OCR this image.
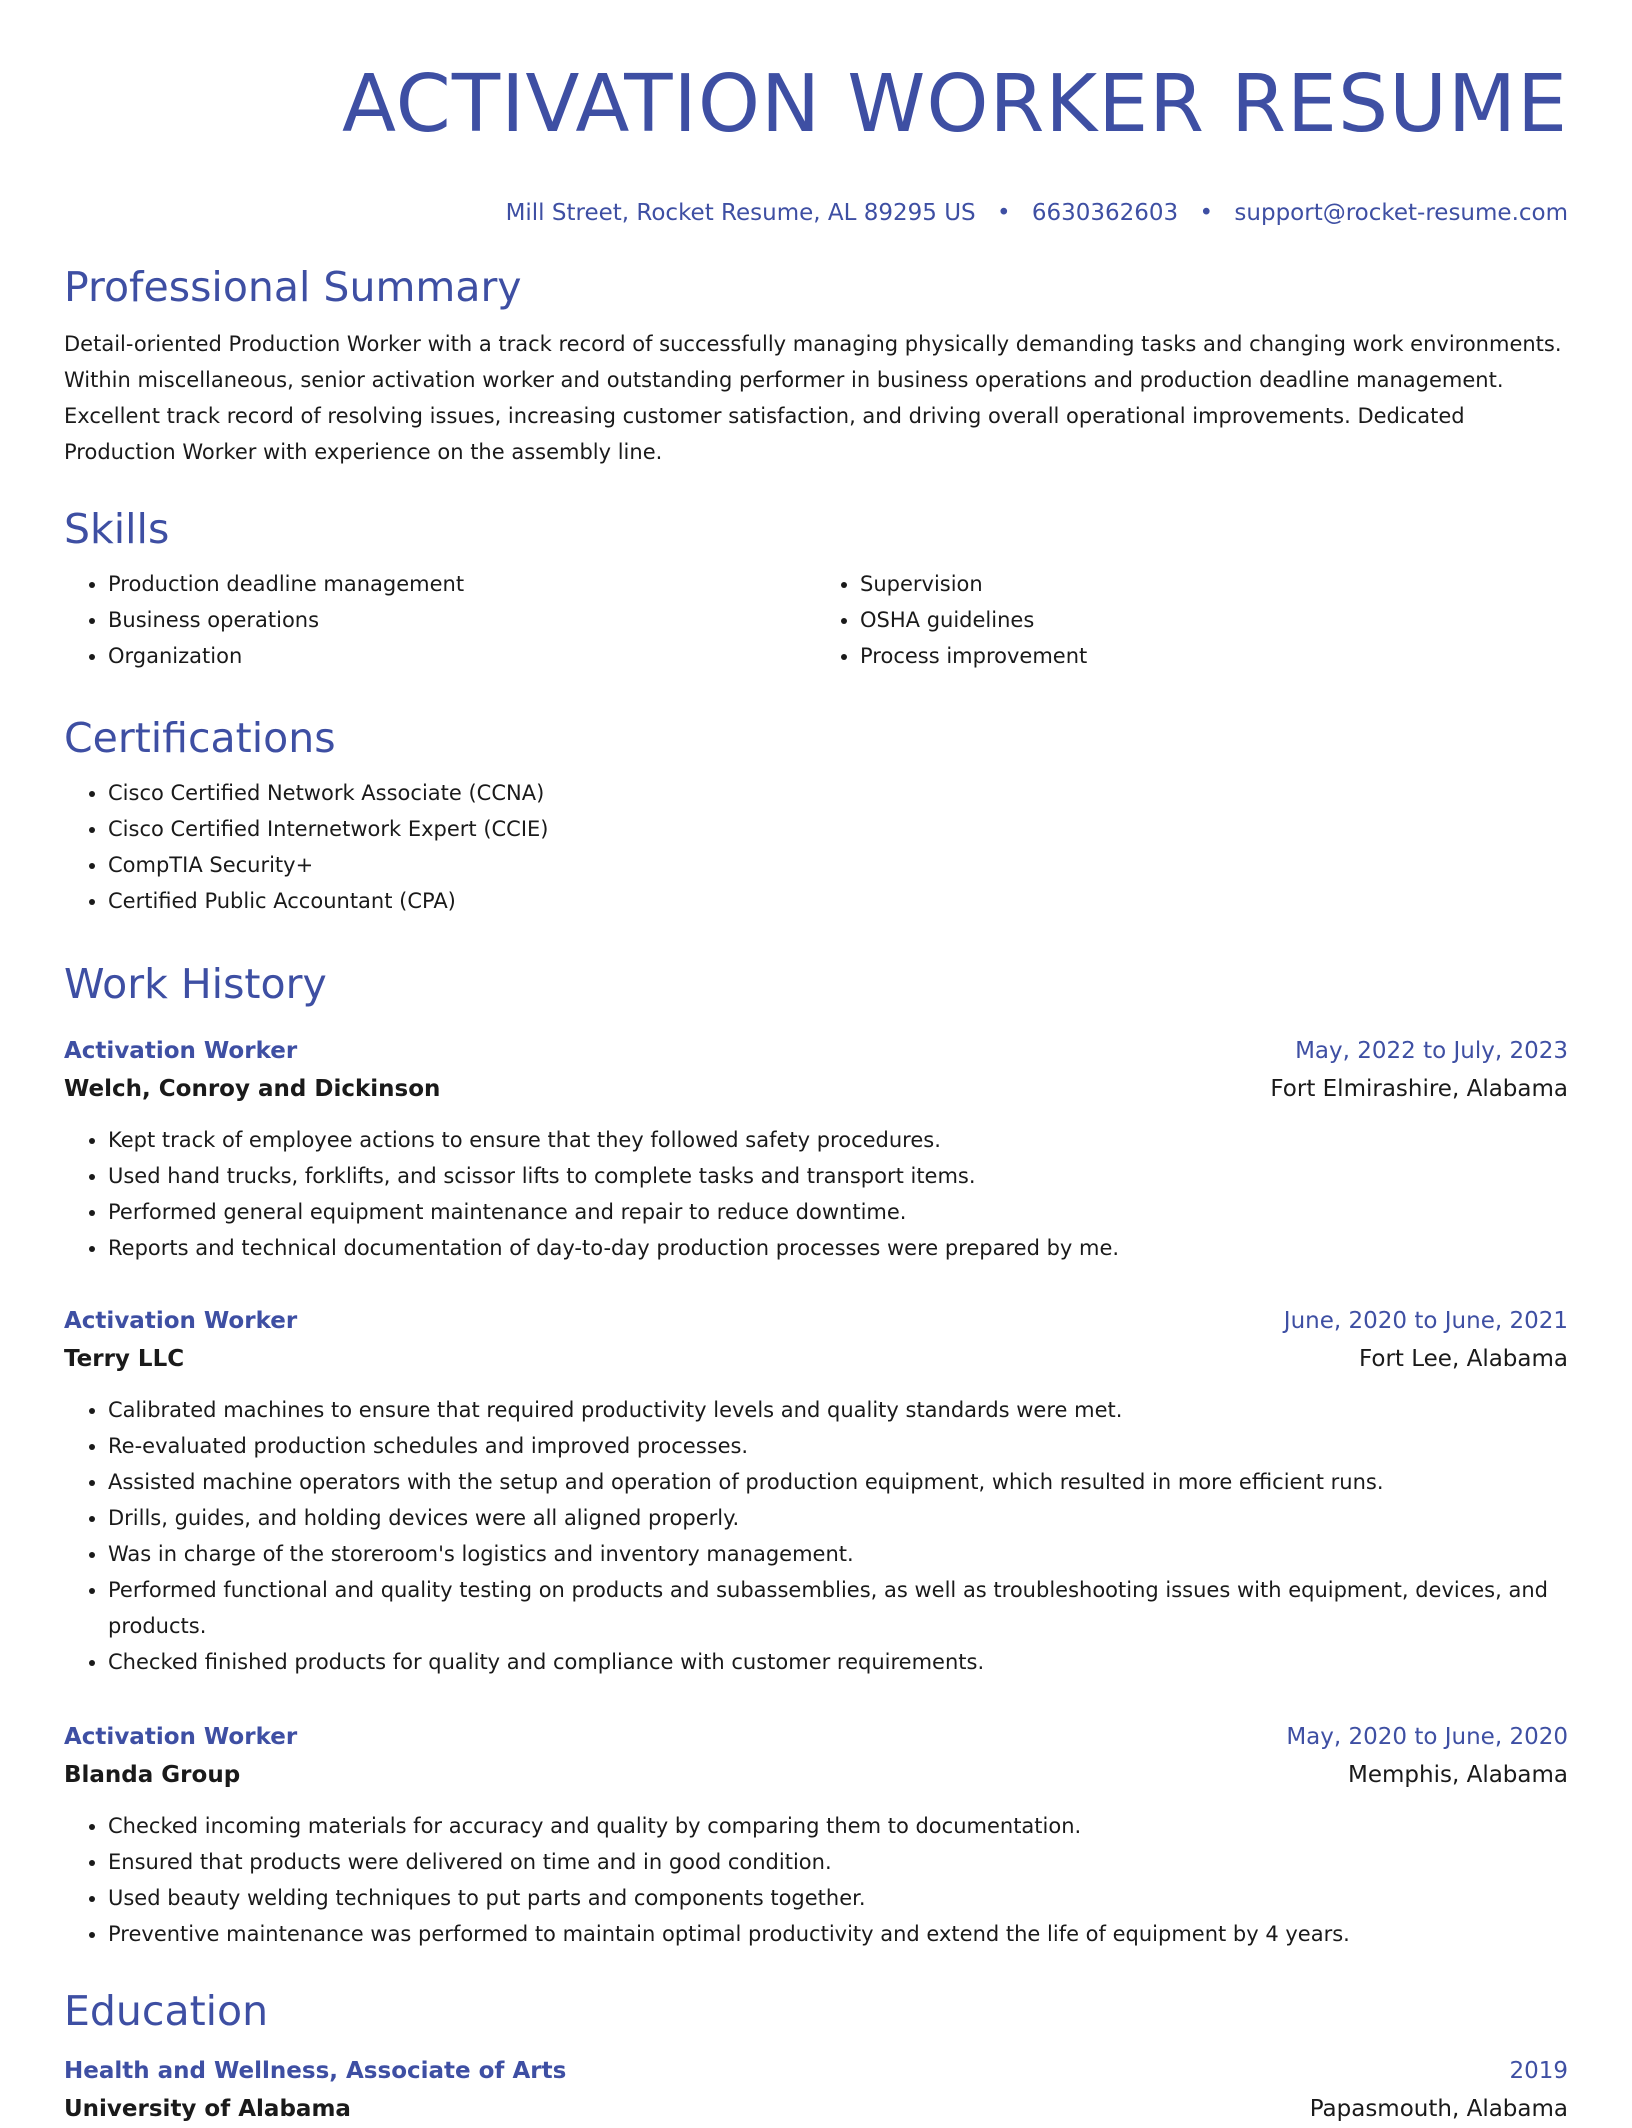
ACTIVATION WORKER RESUME
Mill Street, Rocket Resume, AL 89295 US • 6630362603 • support@rocket-resume.com
Professional Summary

Detail-oriented Production Worker with a track record of successfully managing physically demanding tasks and changing work environments. Within miscellaneous, senior activation worker and outstanding performer in business operations and production deadline management. Excellent track record of resolving issues, increasing customer satisfaction, and driving overall operational improvements. Dedicated Production Worker with experience on the assembly line.

Skills
• Production deadline management
• Business operations
• Organization
• Supervision
• OSHA guidelines
• Process improvement
Certifications
• Cisco Certified Network Associate (CCNA)
• Cisco Certified Internetwork Expert (CCIE)
• CompTIA Security+
• Certified Public Accountant (CPA)
Work History
Activation Worker	May, 2022 to July, 2023
Welch, Conroy and Dickinson	Fort Elmirashire, Alabama
• Kept track of employee actions to ensure that they followed safety procedures.
• Used hand trucks, forklifts, and scissor lifts to complete tasks and transport items.
• Performed general equipment maintenance and repair to reduce downtime.
• Reports and technical documentation of day-to-day production processes were prepared by me.
Activation Worker	June, 2020 to June, 2021
Terry LLC	Fort Lee, Alabama
• Calibrated machines to ensure that required productivity levels and quality standards were met.
• Re-evaluated production schedules and improved processes.
• Assisted machine operators with the setup and operation of production equipment, which resulted in more efficient runs.
• Drills, guides, and holding devices were all aligned properly.
• Was in charge of the storeroom's logistics and inventory management.
• Performed functional and quality testing on products and subassemblies, as well as troubleshooting issues with equipment, devices, and products.
• Checked finished products for quality and compliance with customer requirements.
Activation Worker	May, 2020 to June, 2020
Blanda Group	Memphis, Alabama
• Checked incoming materials for accuracy and quality by comparing them to documentation.
• Ensured that products were delivered on time and in good condition.
• Used beauty welding techniques to put parts and components together.
• Preventive maintenance was performed to maintain optimal productivity and extend the life of equipment by 4 years.
Education
Health and Wellness, Associate of Arts	2019
University of Alabama	Papasmouth, Alabama
